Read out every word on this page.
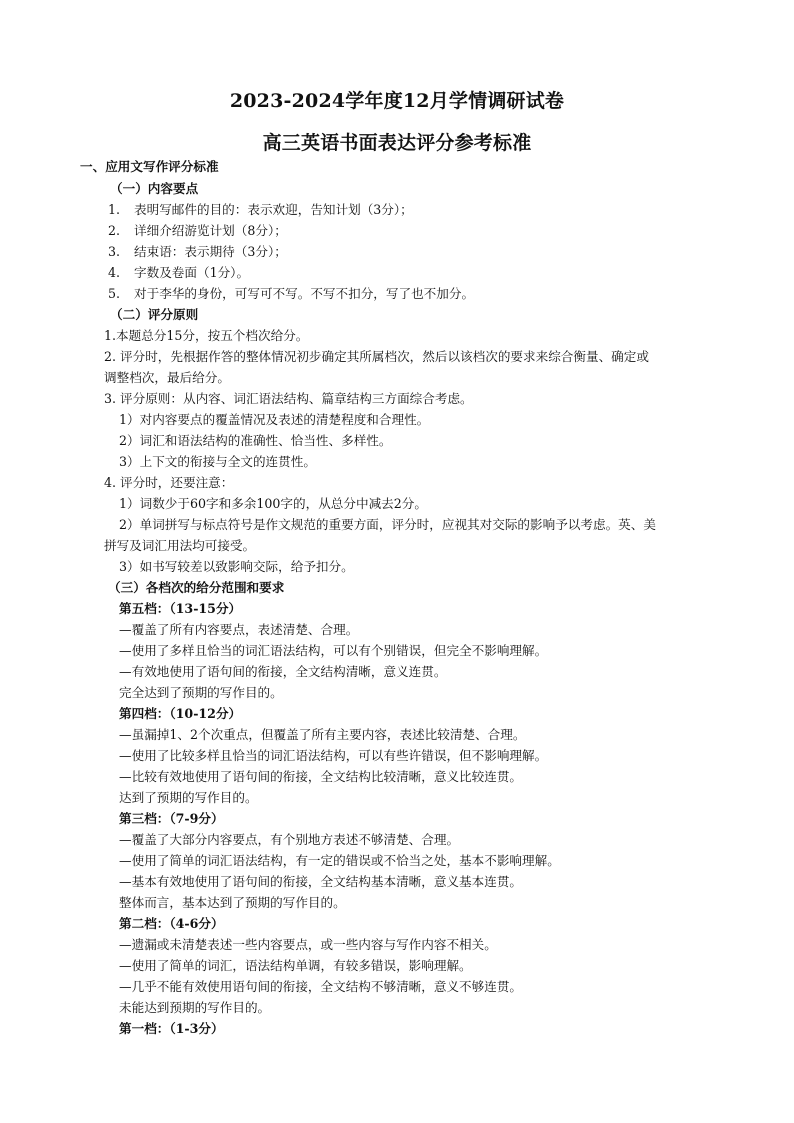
2023-2024学年度12月学情调研试卷
高三英语书面表达评分参考标准
一、应用文写作评分标准
（一）内容要点
1. 表明写邮件的目的：表示欢迎，告知计划（3分）；
2. 详细介绍游览计划（8分）；
3. 结束语：表示期待（3分）；
4. 字数及卷面（1分）。
5. 对于李华的身份，可写可不写。不写不扣分，写了也不加分。
（二）评分原则
1.本题总分15分，按五个档次给分。
2. 评分时，先根据作答的整体情况初步确定其所属档次，然后以该档次的要求来综合衡量、确定或
调整档次，最后给分。
3. 评分原则：从内容、词汇语法结构、篇章结构三方面综合考虑。
1）对内容要点的覆盖情况及表述的清楚程度和合理性。
2）词汇和语法结构的准确性、恰当性、多样性。
3）上下文的衔接与全文的连贯性。
4. 评分时，还要注意：
1）词数少于60字和多余100字的，从总分中减去2分。
2）单词拼写与标点符号是作文规范的重要方面，评分时，应视其对交际的影响予以考虑。英、美
拼写及词汇用法均可接受。
3）如书写较差以致影响交际，给予扣分。
（三）各档次的给分范围和要求
第五档：（13-15分）
—覆盖了所有内容要点，表述清楚、合理。
—使用了多样且恰当的词汇语法结构，可以有个别错误，但完全不影响理解。
—有效地使用了语句间的衔接，全文结构清晰，意义连贯。
完全达到了预期的写作目的。
第四档：（10-12分）
—虽漏掉1、2个次重点，但覆盖了所有主要内容，表述比较清楚、合理。
—使用了比较多样且恰当的词汇语法结构，可以有些许错误，但不影响理解。
—比较有效地使用了语句间的衔接，全文结构比较清晰，意义比较连贯。
达到了预期的写作目的。
第三档：（7-9分）
—覆盖了大部分内容要点，有个别地方表述不够清楚、合理。
—使用了简单的词汇语法结构，有一定的错误或不恰当之处，基本不影响理解。
—基本有效地使用了语句间的衔接，全文结构基本清晰，意义基本连贯。
整体而言，基本达到了预期的写作目的。
第二档：（4-6分）
—遗漏或未清楚表述一些内容要点，或一些内容与写作内容不相关。
—使用了简单的词汇，语法结构单调，有较多错误，影响理解。
—几乎不能有效使用语句间的衔接，全文结构不够清晰，意义不够连贯。
未能达到预期的写作目的。
第一档：（1-3分）
